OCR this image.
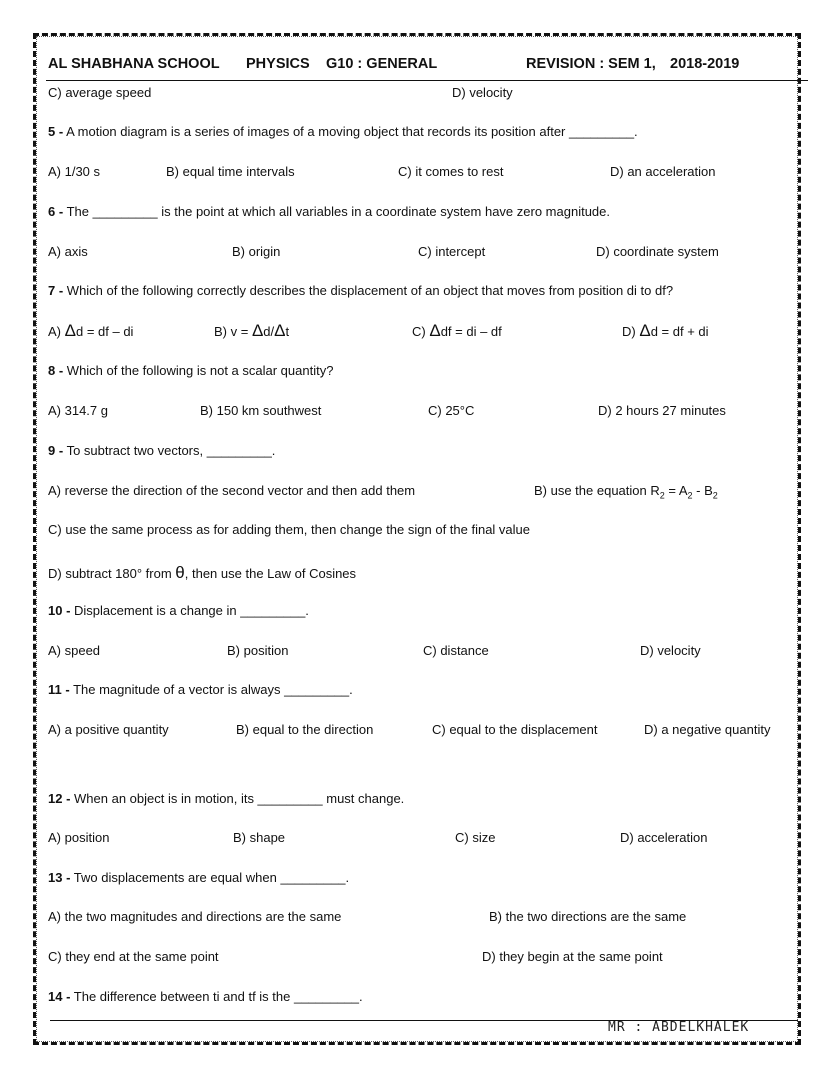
AL SHABHANA SCHOOL PHYSICS G10 : GENERAL	REVISION : SEM 1, 2018-2019
C) average speed	D) velocity
5 - A motion diagram is a series of images of a moving object that records its position after _________.
A) 1/30 s	B) equal time intervals	C) it comes to rest	D) an acceleration
6 - The _________ is the point at which all variables in a coordinate system have zero magnitude.
A) axis	B) origin	C) intercept	D) coordinate system
7 - Which of the following correctly describes the displacement of an object that moves from position di to df?
A) Δd = df – di	B) v = Δd/Δt	C) Δdf = di – df	D) Δd = df + di
8 - Which of the following is not a scalar quantity?
A) 314.7 g	B) 150 km southwest	C) 25°C	D) 2 hours 27 minutes
9 - To subtract two vectors, _________.
A) reverse the direction of the second vector and then add them	B) use the equation $R_2 = A_2 - B_2$
C) use the same process as for adding them, then change the sign of the final value
D) subtract 180° from θ, then use the Law of Cosines
10 - Displacement is a change in _________.
A) speed	B) position	C) distance	D) velocity
11 - The magnitude of a vector is always _________.
A) a positive quantity	B) equal to the direction	C) equal to the displacement	D) a negative quantity
12 - When an object is in motion, its _________ must change.
A) position	B) shape	C) size	D) acceleration
13 - Two displacements are equal when _________.
A) the two magnitudes and directions are the same	B) the two directions are the same
C) they end at the same point	D) they begin at the same point
14 - The difference between ti and tf is the _________.
MR : ABDELKHALEK
